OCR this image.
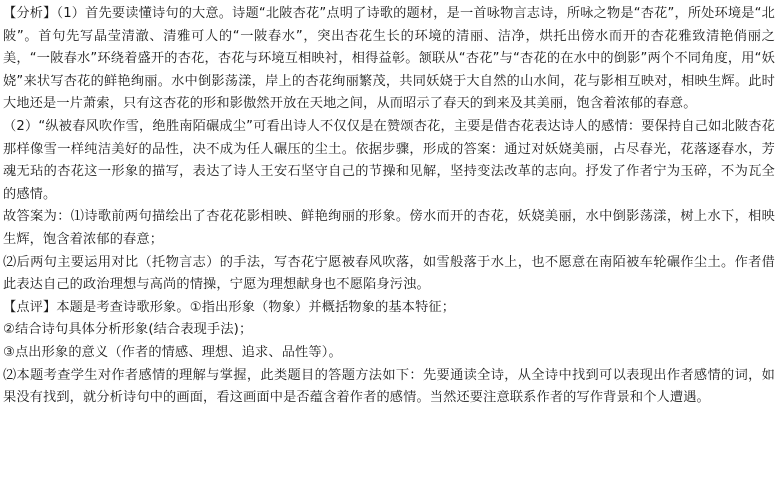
【分析】（1）首先要读懂诗句的大意。诗题“北陂杏花”点明了诗歌的题材，是一首咏物言志诗，所咏之物是“杏花”，所处环境是“北陂”。首句先写晶莹清澈、清雅可人的“一陂春水”，突出杏花生长的环境的清丽、洁净，烘托出傍水而开的杏花雅致清艳俏丽之美，“一陂春水”环绕着盛开的杏花，杏花与环境互相映衬，相得益彰。颔联从“杏花”与“杏花的在水中的倒影”两个不同角度，用“妖娆”来状写杏花的鲜艳绚丽。水中倒影荡漾，岸上的杏花绚丽繁茂，共同妖娆于大自然的山水间，花与影相互映对，相映生辉。此时大地还是一片萧索，只有这杏花的形和影傲然开放在天地之间，从而昭示了春天的到来及其美丽，饱含着浓郁的春意。

（2）“纵被春风吹作雪，绝胜南陌碾成尘”可看出诗人不仅仅是在赞颂杏花，主要是借杏花表达诗人的感情：要保持自己如北陂杏花那样像雪一样纯洁美好的品性，决不成为任人碾压的尘土。依据步骤，形成的答案：通过对妖娆美丽，占尽春光，花落逐春水，芳魂无玷的杏花这一形象的描写，表达了诗人王安石坚守自己的节操和见解，坚持变法改革的志向。抒发了作者宁为玉碎，不为瓦全的感情。

故答案为：⑴诗歌前两句描绘出了杏花花影相映、鲜艳绚丽的形象。傍水而开的杏花，妖娆美丽，水中倒影荡漾，树上水下，相映生辉，饱含着浓郁的春意；

⑵后两句主要运用对比（托物言志）的手法，写杏花宁愿被春风吹落，如雪般落于水上，也不愿意在南陌被车轮碾作尘土。作者借此表达自己的政治理想与高尚的情操，宁愿为理想献身也不愿陷身污浊。

【点评】本题是考查诗歌形象。①指出形象（物象）并概括物象的基本特征；

②结合诗句具体分析形象(结合表现手法)；

③点出形象的意义（作者的情感、理想、追求、品性等）。

⑵本题考查学生对作者感情的理解与掌握，此类题目的答题方法如下：先要通读全诗，从全诗中找到可以表现出作者感情的词，如果没有找到，就分析诗句中的画面，看这画面中是否蕴含着作者的感情。当然还要注意联系作者的写作背景和个人遭遇。
